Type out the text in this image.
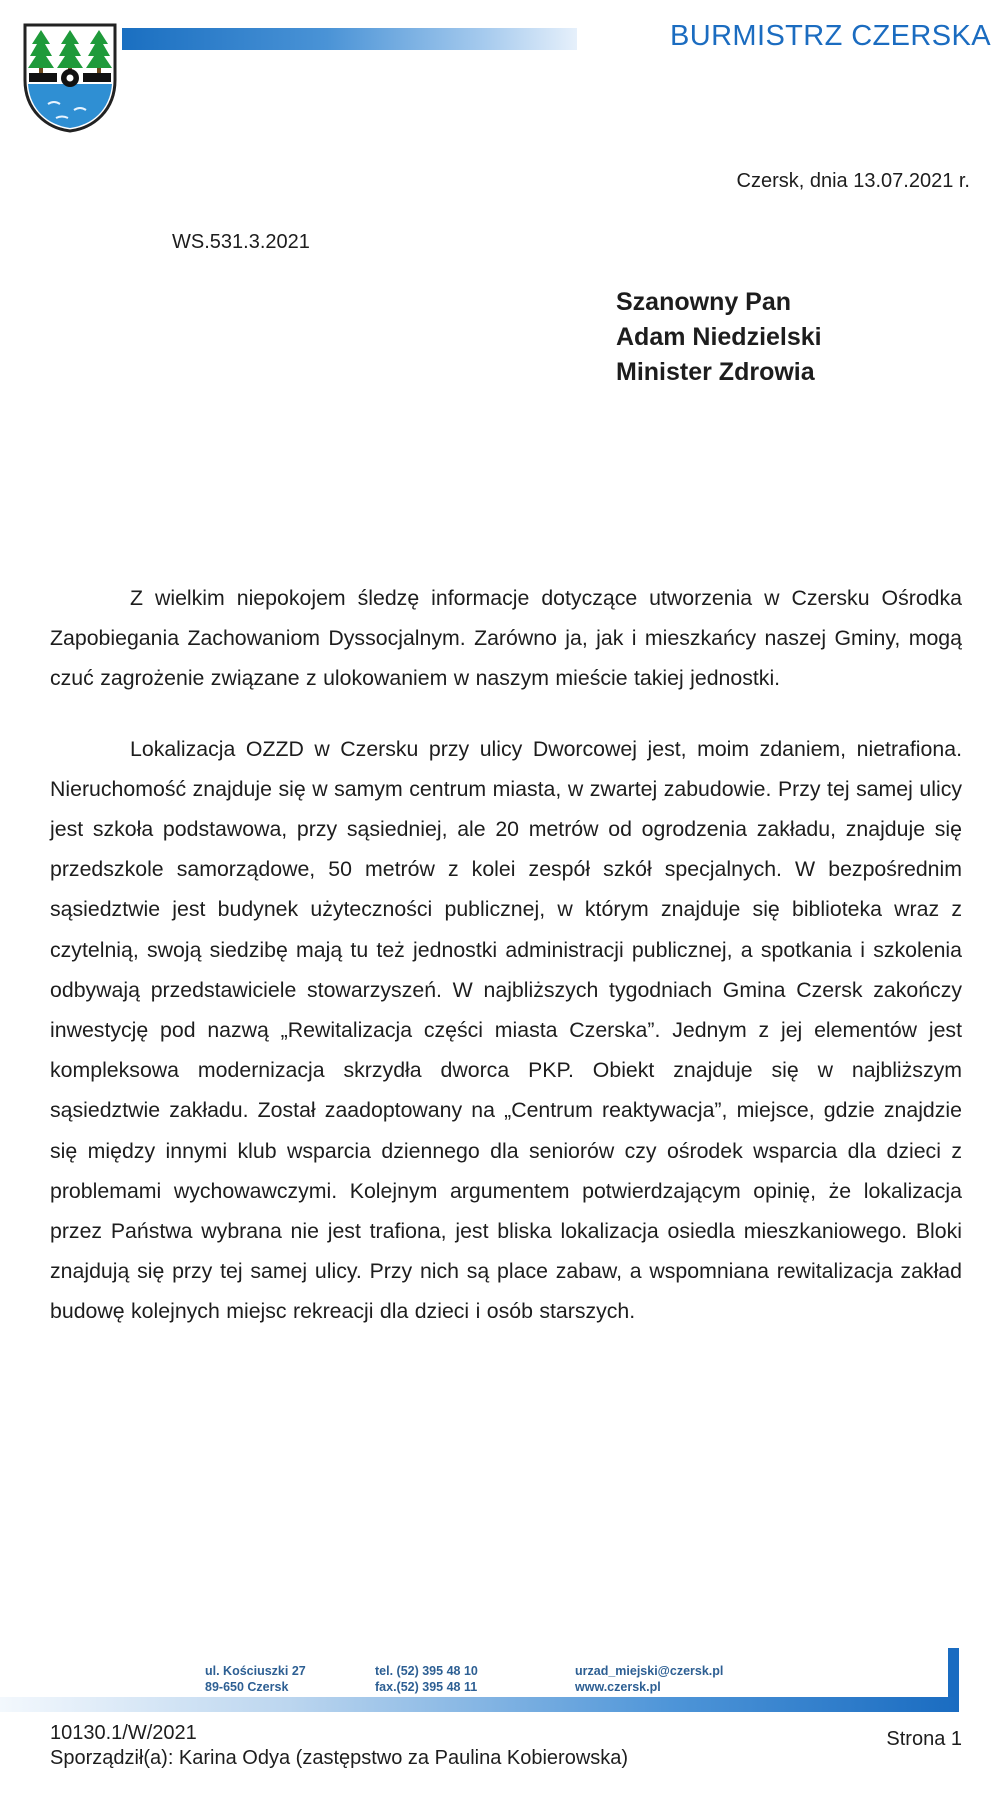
BURMISTRZ CZERSKA
Czersk, dnia 13.07.2021 r.
WS.531.3.2021
Szanowny Pan
Adam Niedzielski
Minister Zdrowia

Z wielkim niepokojem śledzę informacje dotyczące utworzenia w Czersku Ośrodka Zapobiegania Zachowaniom Dyssocjalnym. Zarówno ja, jak i mieszkańcy naszej Gminy, mogą czuć zagrożenie związane z ulokowaniem w naszym mieście takiej jednostki.

Lokalizacja OZZD w Czersku przy ulicy Dworcowej jest, moim zdaniem, nietrafiona. Nieruchomość znajduje się w samym centrum miasta, w zwartej zabudowie. Przy tej samej ulicy jest szkoła podstawowa, przy sąsiedniej, ale 20 metrów od ogrodzenia zakładu, znajduje się przedszkole samorządowe, 50 metrów z kolei zespół szkół specjalnych. W bezpośrednim sąsiedztwie jest budynek użyteczności publicznej, w którym znajduje się biblioteka wraz z czytelnią, swoją siedzibę mają tu też jednostki administracji publicznej, a spotkania i szkolenia odbywają przedstawiciele stowarzyszeń. W najbliższych tygodniach Gmina Czersk zakończy inwestycję pod nazwą „Rewitalizacja części miasta Czerska”. Jednym z jej elementów jest kompleksowa modernizacja skrzydła dworca PKP. Obiekt znajduje się w najbliższym sąsiedztwie zakładu. Został zaadoptowany na „Centrum reaktywacja”, miejsce, gdzie znajdzie się między innymi klub wsparcia dziennego dla seniorów czy ośrodek wsparcia dla dzieci z problemami wychowawczymi. Kolejnym argumentem potwierdzającym opinię, że lokalizacja przez Państwa wybrana nie jest trafiona, jest bliska lokalizacja osiedla mieszkaniowego. Bloki znajdują się przy tej samej ulicy. Przy nich są place zabaw, a wspomniana rewitalizacja zakład budowę kolejnych miejsc rekreacji dla dzieci i osób starszych.

ul. Kościuszki 27
89-650 Czersk
tel. (52) 395 48 10
fax.(52) 395 48 11
urzad_miejski@czersk.pl
www.czersk.pl
10130.1/W/2021
Sporządził(a): Karina Odya (zastępstwo za Paulina Kobierowska)
Strona 1
